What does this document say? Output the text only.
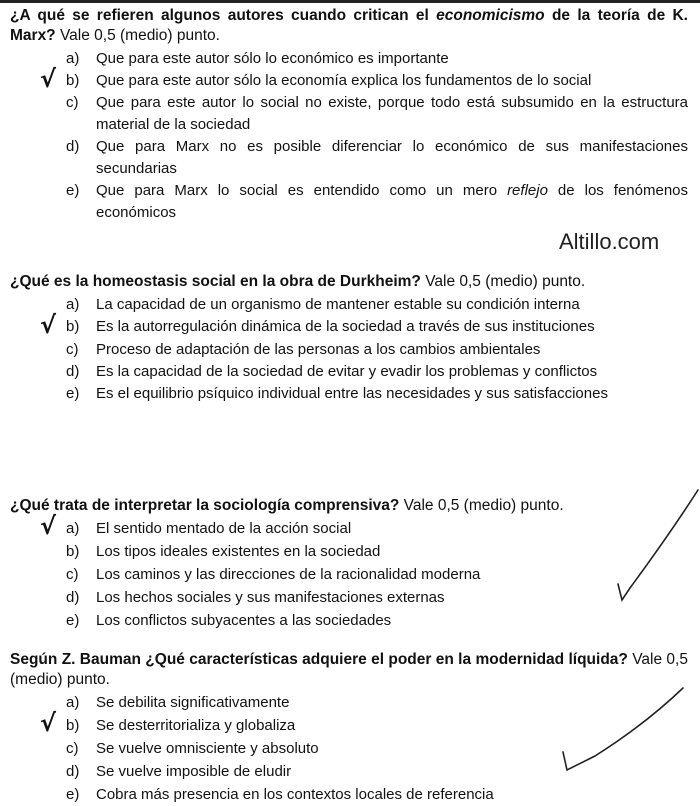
¿A qué se refieren algunos autores cuando critican el economicismo de la teoría de K. Marx? Vale 0,5 (medio) punto.

a) Que para este autor sólo lo económico es importante
√ b) Que para este autor sólo la economía explica los fundamentos de lo social
c) Que para este autor lo social no existe, porque todo está subsumido en la estructura material de la sociedad
d) Que para Marx no es posible diferenciar lo económico de sus manifestaciones secundarias
e) Que para Marx lo social es entendido como un mero reflejo de los fenómenos económicos
Altillo.com

¿Qué es la homeostasis social en la obra de Durkheim? Vale 0,5 (medio) punto.

a) La capacidad de un organismo de mantener estable su condición interna
√ b) Es la autorregulación dinámica de la sociedad a través de sus instituciones
c) Proceso de adaptación de las personas a los cambios ambientales
d) Es la capacidad de la sociedad de evitar y evadir los problemas y conflictos
e) Es el equilibrio psíquico individual entre las necesidades y sus satisfacciones

¿Qué trata de interpretar la sociología comprensiva? Vale 0,5 (medio) punto.

√ a) El sentido mentado de la acción social
b) Los tipos ideales existentes en la sociedad
c) Los caminos y las direcciones de la racionalidad moderna
d) Los hechos sociales y sus manifestaciones externas
e) Los conflictos subyacentes a las sociedades

Según Z. Bauman ¿Qué características adquiere el poder en la modernidad líquida? Vale 0,5 (medio) punto.

a) Se debilita significativamente
√ b) Se desterritorializa y globaliza
c) Se vuelve omnisciente y absoluto
d) Se vuelve imposible de eludir
e) Cobra más presencia en los contextos locales de referencia
